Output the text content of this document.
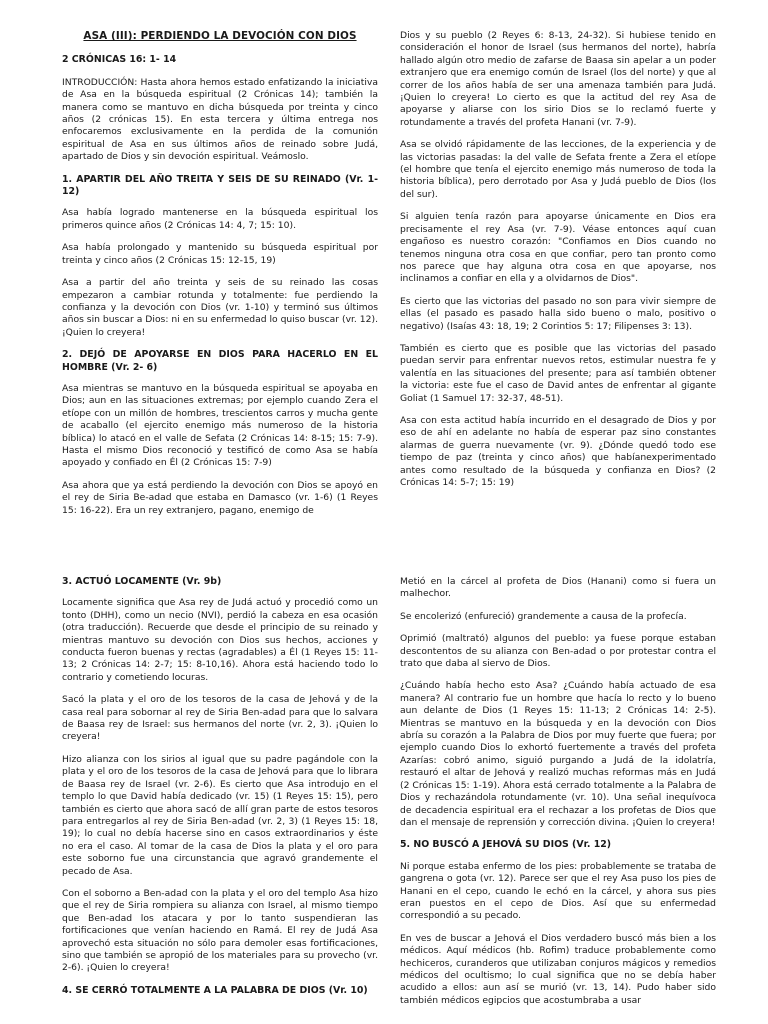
ASA (III): PERDIENDO LA DEVOCIÓN CON DIOS
2 CRÓNICAS 16: 1- 14

INTRODUCCIÓN: Hasta ahora hemos estado enfatizando la iniciativa de Asa en la búsqueda espiritual (2 Crónicas 14); también la manera como se mantuvo en dicha búsqueda por treinta y cinco años (2 crónicas 15). En esta tercera y última entrega nos enfocaremos exclusivamente en la perdida de la comunión espiritual de Asa en sus últimos años de reinado sobre Judá, apartado de Dios y sin devoción espiritual. Veámoslo.

1. APARTIR DEL AÑO TREITA Y SEIS DE SU REINADO (Vr. 1-12)

Asa había logrado mantenerse en la búsqueda espiritual los primeros quince años (2 Crónicas 14: 4, 7; 15: 10).

Asa había prolongado y mantenido su búsqueda espiritual por treinta y cinco años (2 Crónicas 15: 12-15, 19)

Asa a partir del año treinta y seis de su reinado las cosas empezaron a cambiar rotunda y totalmente: fue perdiendo la confianza y la devoción con Dios (vr. 1-10) y terminó sus últimos años sin buscar a Dios: ni en su enfermedad lo quiso buscar (vr. 12). ¡Quien lo creyera!

2. DEJÓ DE APOYARSE EN DIOS PARA HACERLO EN EL HOMBRE (Vr. 2- 6)

Asa mientras se mantuvo en la búsqueda espiritual se apoyaba en Dios; aun en las situaciones extremas; por ejemplo cuando Zera el etíope con un millón de hombres, trescientos carros y mucha gente de acaballo (el ejercito enemigo más numeroso de la historia bíblica) lo atacó en el valle de Sefata (2 Crónicas 14: 8-15; 15: 7-9). Hasta el mismo Dios reconoció y testificó de como Asa se había apoyado y confiado en Él (2 Crónicas 15: 7-9)

Asa ahora que ya está perdiendo la devoción con Dios se apoyó en el rey de Siria Be-adad que estaba en Damasco (vr. 1-6) (1 Reyes 15: 16-22). Era un rey extranjero, pagano, enemigo de

Dios y su pueblo (2 Reyes 6: 8-13, 24-32). Si hubiese tenido en consideración el honor de Israel (sus hermanos del norte), habría hallado algún otro medio de zafarse de Baasa sin apelar a un poder extranjero que era enemigo común de Israel (los del norte) y que al correr de los años había de ser una amenaza también para Judá. ¡Quien lo creyera! Lo cierto es que la actitud del rey Asa de apoyarse y aliarse con los sirio Dios se lo reclamó fuerte y rotundamente a través del profeta Hanani (vr. 7-9).

Asa se olvidó rápidamente de las lecciones, de la experiencia y de las victorias pasadas: la del valle de Sefata frente a Zera el etíope (el hombre que tenía el ejercito enemigo más numeroso de toda la historia bíblica), pero derrotado por Asa y Judá pueblo de Dios (los del sur).

Si alguien tenía razón para apoyarse únicamente en Dios era precisamente el rey Asa (vr. 7-9). Véase entonces aquí cuan engañoso es nuestro corazón: "Confiamos en Dios cuando no tenemos ninguna otra cosa en que confiar, pero tan pronto como nos parece que hay alguna otra cosa en que apoyarse, nos inclinamos a confiar en ella y a olvidarnos de Dios".

Es cierto que las victorias del pasado no son para vivir siempre de ellas (el pasado es pasado halla sido bueno o malo, positivo o negativo) (Isaías 43: 18, 19; 2 Corintios 5: 17; Filipenses 3: 13).

También es cierto que es posible que las victorias del pasado puedan servir para enfrentar nuevos retos, estimular nuestra fe y valentía en las situaciones del presente; para así también obtener la victoria: este fue el caso de David antes de enfrentar al gigante Goliat (1 Samuel 17: 32-37, 48-51).

Asa con esta actitud había incurrido en el desagrado de Dios y por eso de ahí en adelante no había de esperar paz sino constantes alarmas de guerra nuevamente (vr. 9). ¿Dónde quedó todo ese tiempo de paz (treinta y cinco años) que habíanexperimentado antes como resultado de la búsqueda y confianza en Dios? (2 Crónicas 14: 5-7; 15: 19)

3. ACTUÓ LOCAMENTE (Vr. 9b)

Locamente significa que Asa rey de Judá actuó y procedió como un tonto (DHH), como un necio (NVI), perdió la cabeza en esa ocasión (otra traducción). Recuerde que desde el principio de su reinado y mientras mantuvo su devoción con Dios sus hechos, acciones y conducta fueron buenas y rectas (agradables) a Él (1 Reyes 15: 11-13; 2 Crónicas 14: 2-7; 15: 8-10,16). Ahora está haciendo todo lo contrario y cometiendo locuras.

Sacó la plata y el oro de los tesoros de la casa de Jehová y de la casa real para sobornar al rey de Siria Ben-adad para que lo salvara de Baasa rey de Israel: sus hermanos del norte (vr. 2, 3). ¡Quien lo creyera!

Hizo alianza con los sirios al igual que su padre pagándole con la plata y el oro de los tesoros de la casa de Jehová para que lo librara de Baasa rey de Israel (vr. 2-6). Es cierto que Asa introdujo en el templo lo que David había dedicado (vr. 15) (1 Reyes 15: 15), pero también es cierto que ahora sacó de allí gran parte de estos tesoros para entregarlos al rey de Siria Ben-adad (vr. 2, 3) (1 Reyes 15: 18, 19); lo cual no debía hacerse sino en casos extraordinarios y éste no era el caso. Al tomar de la casa de Dios la plata y el oro para este soborno fue una circunstancia que agravó grandemente el pecado de Asa.

Con el soborno a Ben-adad con la plata y el oro del templo Asa hizo que el rey de Siria rompiera su alianza con Israel, al mismo tiempo que Ben-adad los atacara y por lo tanto suspendieran las fortificaciones que venían haciendo en Ramá. El rey de Judá Asa aprovechó esta situación no sólo para demoler esas fortificaciones, sino que también se apropió de los materiales para su provecho (vr. 2-6). ¡Quien lo creyera!

4. SE CERRÓ TOTALMENTE A LA PALABRA DE DIOS (Vr. 10)

Metió en la cárcel al profeta de Dios (Hanani) como si fuera un malhechor.

Se encolerizó (enfureció) grandemente a causa de la profecía.

Oprimió (maltrató) algunos del pueblo: ya fuese porque estaban descontentos de su alianza con Ben-adad o por protestar contra el trato que daba al siervo de Dios.

¿Cuándo había hecho esto Asa? ¿Cuándo había actuado de esa manera? Al contrario fue un hombre que hacía lo recto y lo bueno aun delante de Dios (1 Reyes 15: 11-13; 2 Crónicas 14: 2-5). Mientras se mantuvo en la búsqueda y en la devoción con Dios abría su corazón a la Palabra de Dios por muy fuerte que fuera; por ejemplo cuando Dios lo exhortó fuertemente a través del profeta Azarías: cobró animo, siguió purgando a Judá de la idolatría, restauró el altar de Jehová y realizó muchas reformas más en Judá (2 Crónicas 15: 1-19). Ahora está cerrado totalmente a la Palabra de Dios y rechazándola rotundamente (vr. 10). Una señal inequívoca de decadencia espiritual era el rechazar a los profetas de Dios que dan el mensaje de reprensión y corrección divina. ¡Quien lo creyera!

5. NO BUSCÓ A JEHOVÁ SU DIOS (Vr. 12)

Ni porque estaba enfermo de los pies: probablemente se trataba de gangrena o gota (vr. 12). Parece ser que el rey Asa puso los pies de Hanani en el cepo, cuando le echó en la cárcel, y ahora sus pies eran puestos en el cepo de Dios. Así que su enfermedad correspondió a su pecado.

En ves de buscar a Jehová el Dios verdadero buscó más bien a los médicos. Aquí médicos (hb. Rofim) traduce probablemente como hechiceros, curanderos que utilizaban conjuros mágicos y remedios médicos del ocultismo; lo cual significa que no se debía haber acudido a ellos: aun así se murió (vr. 13, 14). Pudo haber sido también médicos egipcios que acostumbraba a usar
